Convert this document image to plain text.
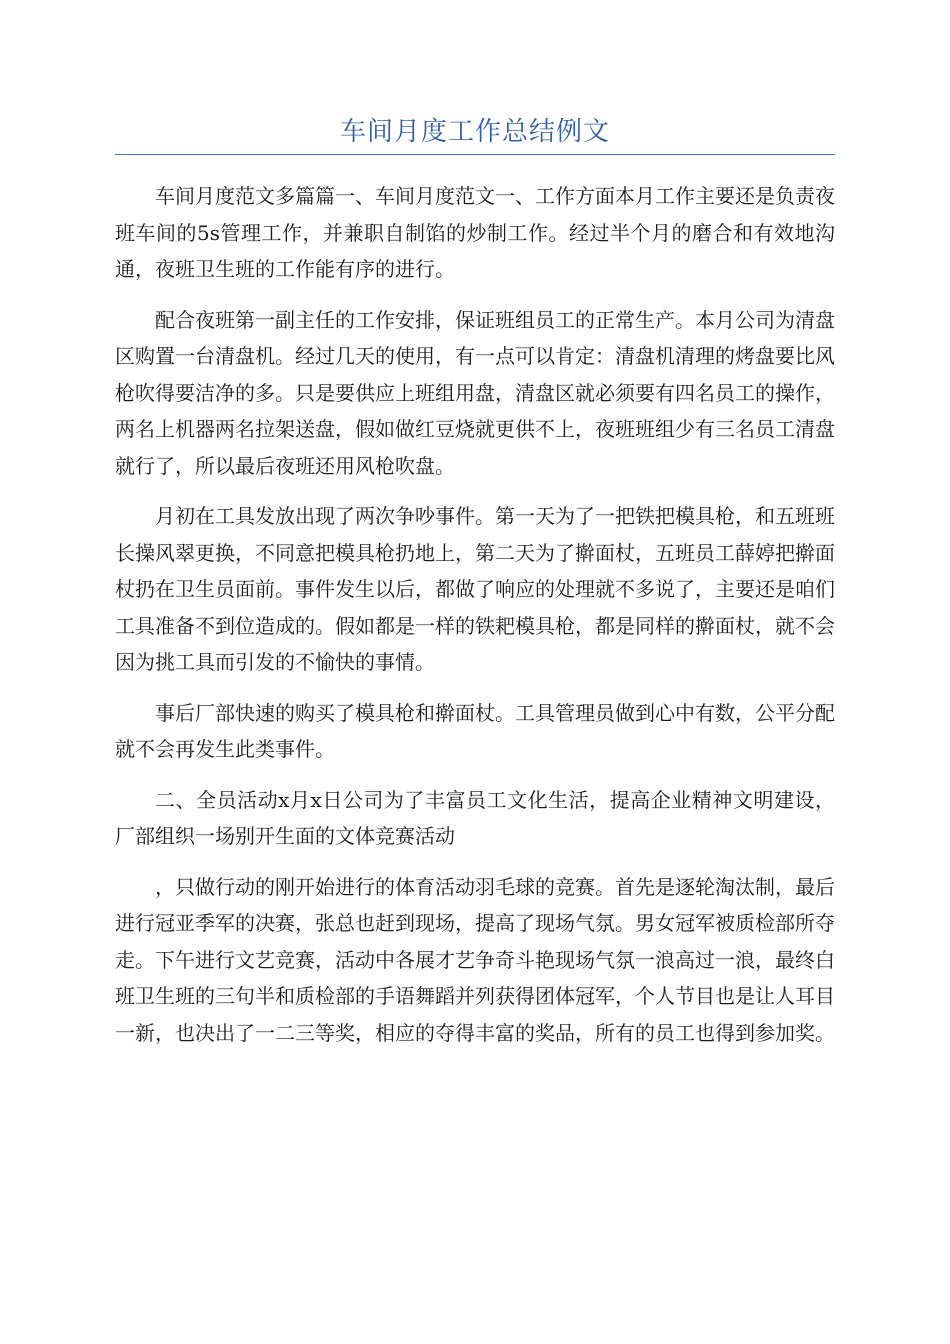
车间月度工作总结例文

车间月度范文多篇篇一、车间月度范文一、工作方面本月工作主要还是负责夜班车间的5s管理工作，并兼职自制馅的炒制工作。经过半个月的磨合和有效地沟通，夜班卫生班的工作能有序的进行。

配合夜班第一副主任的工作安排，保证班组员工的正常生产。本月公司为清盘区购置一台清盘机。经过几天的使用，有一点可以肯定：清盘机清理的烤盘要比风枪吹得要洁净的多。只是要供应上班组用盘，清盘区就必须要有四名员工的操作，两名上机器两名拉架送盘，假如做红豆烧就更供不上，夜班班组少有三名员工清盘就行了，所以最后夜班还用风枪吹盘。

月初在工具发放出现了两次争吵事件。第一天为了一把铁把模具枪，和五班班长操风翠更换，不同意把模具枪扔地上，第二天为了擀面杖，五班员工薛婷把擀面杖扔在卫生员面前。事件发生以后，都做了响应的处理就不多说了，主要还是咱们工具准备不到位造成的。假如都是一样的铁耙模具枪，都是同样的擀面杖，就不会因为挑工具而引发的不愉快的事情。

事后厂部快速的购买了模具枪和擀面杖。工具管理员做到心中有数，公平分配就不会再发生此类事件。

二、全员活动x月x日公司为了丰富员工文化生活，提高企业精神文明建设，厂部组织一场别开生面的文体竞赛活动

，只做行动的刚开始进行的体育活动羽毛球的竞赛。首先是逐轮淘汰制，最后进行冠亚季军的决赛，张总也赶到现场，提高了现场气氛。男女冠军被质检部所夺走。下午进行文艺竞赛，活动中各展才艺争奇斗艳现场气氛一浪高过一浪，最终白班卫生班的三句半和质检部的手语舞蹈并列获得团体冠军，个人节目也是让人耳目一新，也决出了一二三等奖，相应的夺得丰富的奖品，所有的员工也得到参加奖。
